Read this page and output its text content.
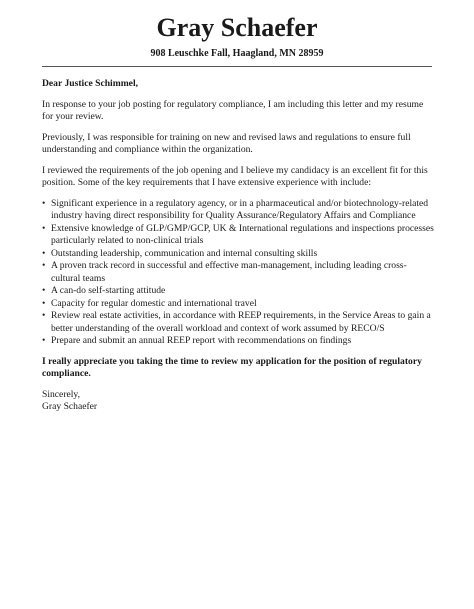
Gray Schaefer
908 Leuschke Fall, Haagland, MN 28959

Dear Justice Schimmel,

In response to your job posting for regulatory compliance, I am including this letter and my resume for your review.

Previously, I was responsible for training on new and revised laws and regulations to ensure full understanding and compliance within the organization.

I reviewed the requirements of the job opening and I believe my candidacy is an excellent fit for this position. Some of the key requirements that I have extensive experience with include:

• Significant experience in a regulatory agency, or in a pharmaceutical and/or biotechnology-related industry having direct responsibility for Quality Assurance/Regulatory Affairs and Compliance
• Extensive knowledge of GLP/GMP/GCP, UK & International regulations and inspections processes particularly related to non-clinical trials
• Outstanding leadership, communication and internal consulting skills
• A proven track record in successful and effective man-management, including leading cross-cultural teams
• A can-do self-starting attitude
• Capacity for regular domestic and international travel
• Review real estate activities, in accordance with REEP requirements, in the Service Areas to gain a better understanding of the overall workload and context of work assumed by RECO/S
• Prepare and submit an annual REEP report with recommendations on findings

I really appreciate you taking the time to review my application for the position of regulatory compliance.

Sincerely,

Gray Schaefer
